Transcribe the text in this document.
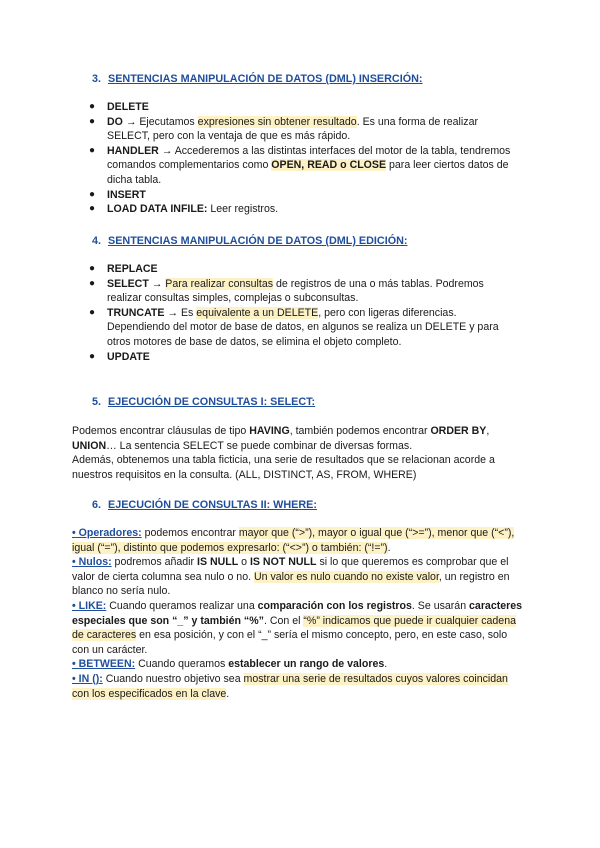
3. SENTENCIAS MANIPULACIÓN DE DATOS (DML) INSERCIÓN:
● DELETE
● DO → Ejecutamos expresiones sin obtener resultado. Es una forma de realizar SELECT, pero con la ventaja de que es más rápido.
● HANDLER → Accederemos a las distintas interfaces del motor de la tabla, tendremos comandos complementarios como OPEN, READ o CLOSE para leer ciertos datos de dicha tabla.
● INSERT
● LOAD DATA INFILE: Leer registros.
4. SENTENCIAS MANIPULACIÓN DE DATOS (DML) EDICIÓN:
● REPLACE
● SELECT → Para realizar consultas de registros de una o más tablas. Podremos realizar consultas simples, complejas o subconsultas.
● TRUNCATE → Es equivalente a un DELETE, pero con ligeras diferencias. Dependiendo del motor de base de datos, en algunos se realiza un DELETE y para otros motores de base de datos, se elimina el objeto completo.
● UPDATE
5. EJECUCIÓN DE CONSULTAS I: SELECT:
Podemos encontrar cláusulas de tipo HAVING, también podemos encontrar ORDER BY, UNION… La sentencia SELECT se puede combinar de diversas formas.
Además, obtenemos una tabla ficticia, una serie de resultados que se relacionan acorde a nuestros requisitos en la consulta. (ALL, DISTINCT, AS, FROM, WHERE)
6. EJECUCIÓN DE CONSULTAS II: WHERE:
• Operadores: podemos encontrar mayor que (“>”), mayor o igual que (“>=”), menor que (“<”), igual (“=”), distinto que podemos expresarlo: (“<>”) o también: (“!=”).
• Nulos: podremos añadir IS NULL o IS NOT NULL si lo que queremos es comprobar que el valor de cierta columna sea nulo o no. Un valor es nulo cuando no existe valor, un registro en blanco no sería nulo.
• LIKE: Cuando queramos realizar una comparación con los registros. Se usarán caracteres especiales que son “_” y también “%”. Con el “%” indicamos que puede ir cualquier cadena de caracteres en esa posición, y con el “_” sería el mismo concepto, pero, en este caso, solo con un carácter.
• BETWEEN: Cuando queramos establecer un rango de valores.
• IN (): Cuando nuestro objetivo sea mostrar una serie de resultados cuyos valores coincidan con los especificados en la clave.
